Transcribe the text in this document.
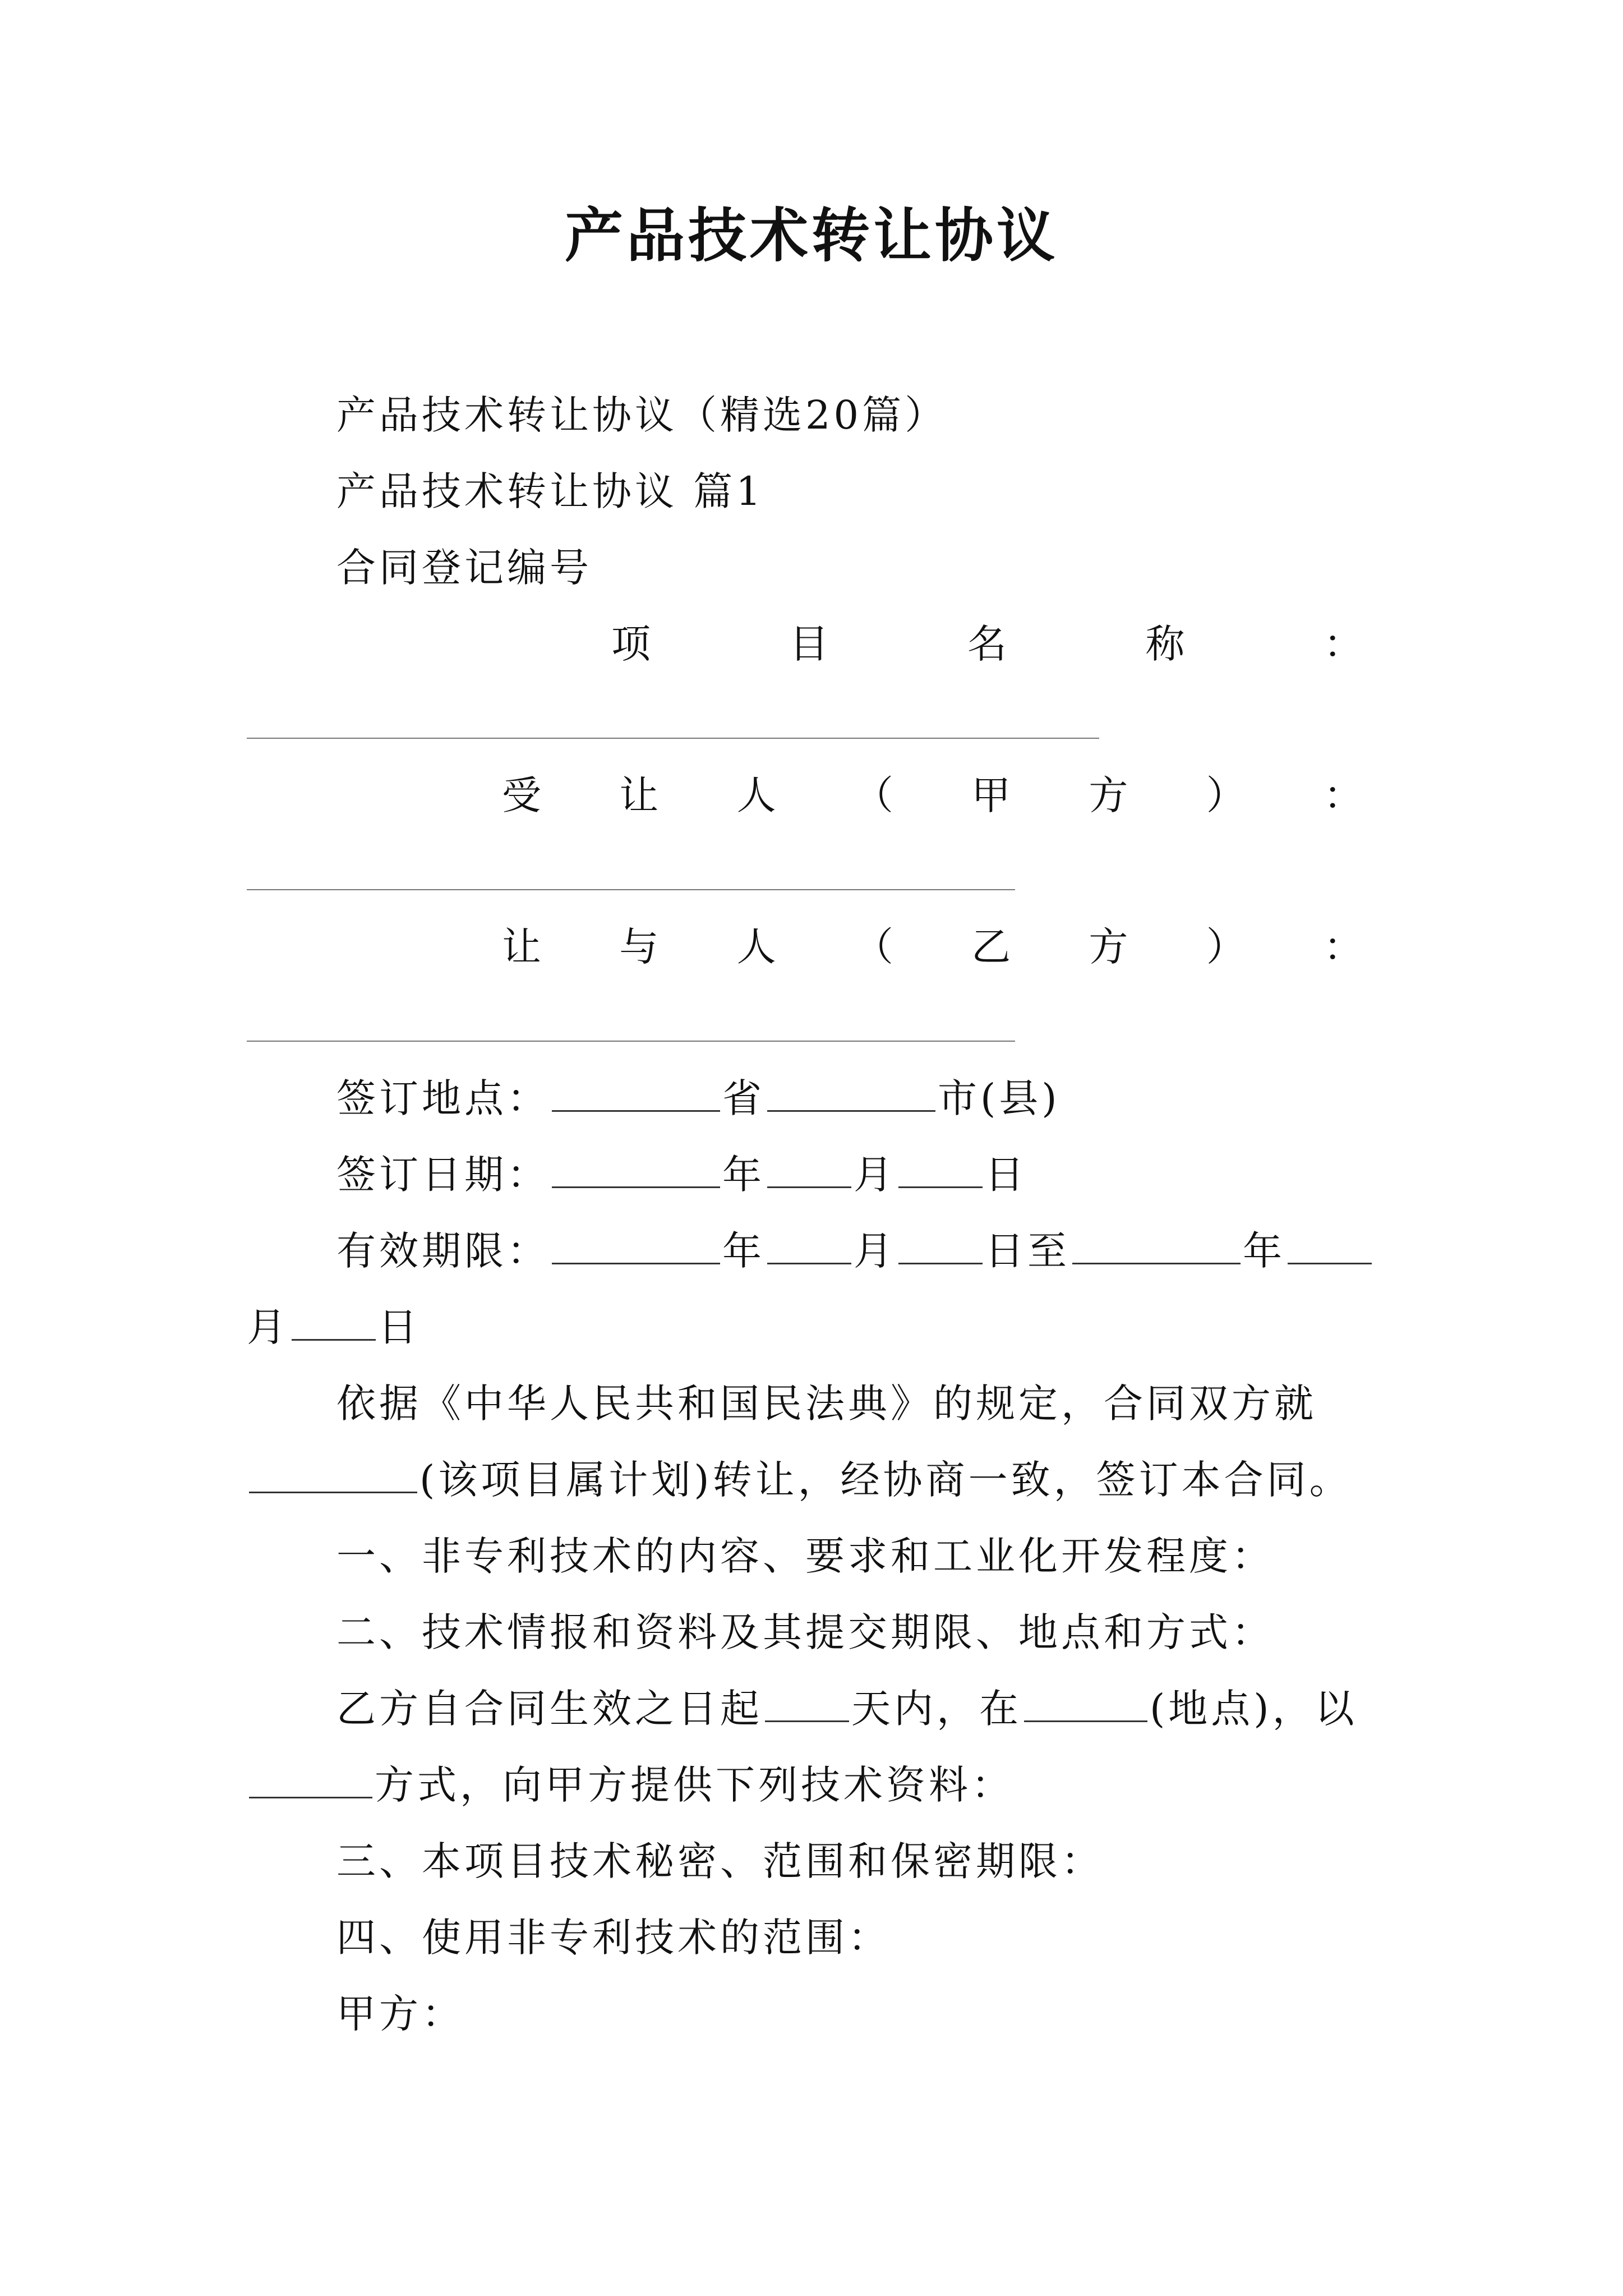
产品技术转让协议
产品技术转让协议（精选20篇）
产品技术转让协议 篇1
合同登记编号
项	目	名	称	：
受 让 人 （ 甲 方 ） ：
让 与 人 （ 乙 方 ） ：
签订地点：	省	市(县)
签订日期：	年 月 日
有效期限：	年 月 日至	年
月 日
依据《中华人民共和国民法典》的规定，合同双方就
(该项目属计划)转让，经协商一致，签订本合同。
一、非专利技术的内容、要求和工业化开发程度：
二、技术情报和资料及其提交期限、地点和方式：
乙方自合同生效之日起 天内，在	(地点)，以
方式，向甲方提供下列技术资料：
三、本项目技术秘密、范围和保密期限：
四、使用非专利技术的范围：
甲方：
